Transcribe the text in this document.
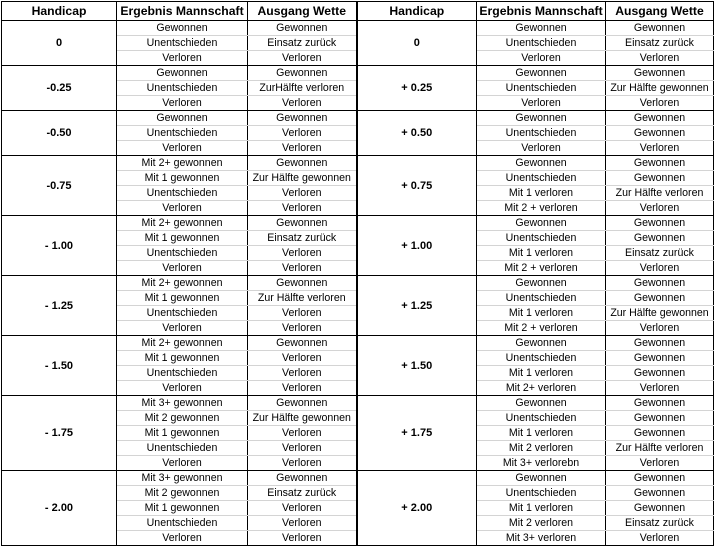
Handicap	Ergebnis Mannschaft	Ausgang Wette	Handicap	Ergebnis Mannschaft	Ausgang Wette
0	Gewonnen	Gewonnen	0	Gewonnen	Gewonnen
	Unentschieden	Einsatz zurück		Unentschieden	Einsatz zurück
	Verloren	Verloren		Verloren	Verloren
-0.25	Gewonnen	Gewonnen	+ 0.25	Gewonnen	Gewonnen
	Unentschieden	ZurHälfte verloren		Unentschieden	Zur Hälfte gewonnen
	Verloren	Verloren		Verloren	Verloren
-0.50	Gewonnen	Gewonnen	+ 0.50	Gewonnen	Gewonnen
	Unentschieden	Verloren		Unentschieden	Gewonnen
	Verloren	Verloren		Verloren	Verloren
-0.75	Mit 2+ gewonnen	Gewonnen	+ 0.75	Gewonnen	Gewonnen
	Mit 1 gewonnen	Zur Hälfte gewonnen		Unentschieden	Gewonnen
	Unentschieden	Verloren		Mit 1 verloren	Zur Hälfte verloren
	Verloren	Verloren		Mit 2 + verloren	Verloren
- 1.00	Mit 2+ gewonnen	Gewonnen	+ 1.00	Gewonnen	Gewonnen
	Mit 1 gewonnen	Einsatz zurück		Unentschieden	Gewonnen
	Unentschieden	Verloren		Mit 1 verloren	Einsatz zurück
	Verloren	Verloren		Mit 2 + verloren	Verloren
- 1.25	Mit 2+ gewonnen	Gewonnen	+ 1.25	Gewonnen	Gewonnen
	Mit 1 gewonnen	Zur Hälfte verloren		Unentschieden	Gewonnen
	Unentschieden	Verloren		Mit 1 verloren	Zur Hälfte gewonnen
	Verloren	Verloren		Mit 2 + verloren	Verloren
- 1.50	Mit 2+ gewonnen	Gewonnen	+ 1.50	Gewonnen	Gewonnen
	Mit 1 gewonnen	Verloren		Unentschieden	Gewonnen
	Unentschieden	Verloren		Mit 1 verloren	Gewonnen
	Verloren	Verloren		Mit 2+ verloren	Verloren
- 1.75	Mit 3+ gewonnen	Gewonnen	+ 1.75	Gewonnen	Gewonnen
	Mit 2 gewonnen	Zur Hälfte gewonnen		Unentschieden	Gewonnen
	Mit 1 gewonnen	Verloren		Mit 1 verloren	Gewonnen
	Unentschieden	Verloren		Mit 2 verloren	Zur Hälfte verloren
	Verloren	Verloren		Mit 3+ verlorebn	Verloren
- 2.00	Mit 3+ gewonnen	Gewonnen	+ 2.00	Gewonnen	Gewonnen
	Mit 2 gewonnen	Einsatz zurück		Unentschieden	Gewonnen
	Mit 1 gewonnen	Verloren		Mit 1 verloren	Gewonnen
	Unentschieden	Verloren		Mit 2 verloren	Einsatz zurück
	Verloren	Verloren		Mit 3+ verloren	Verloren
